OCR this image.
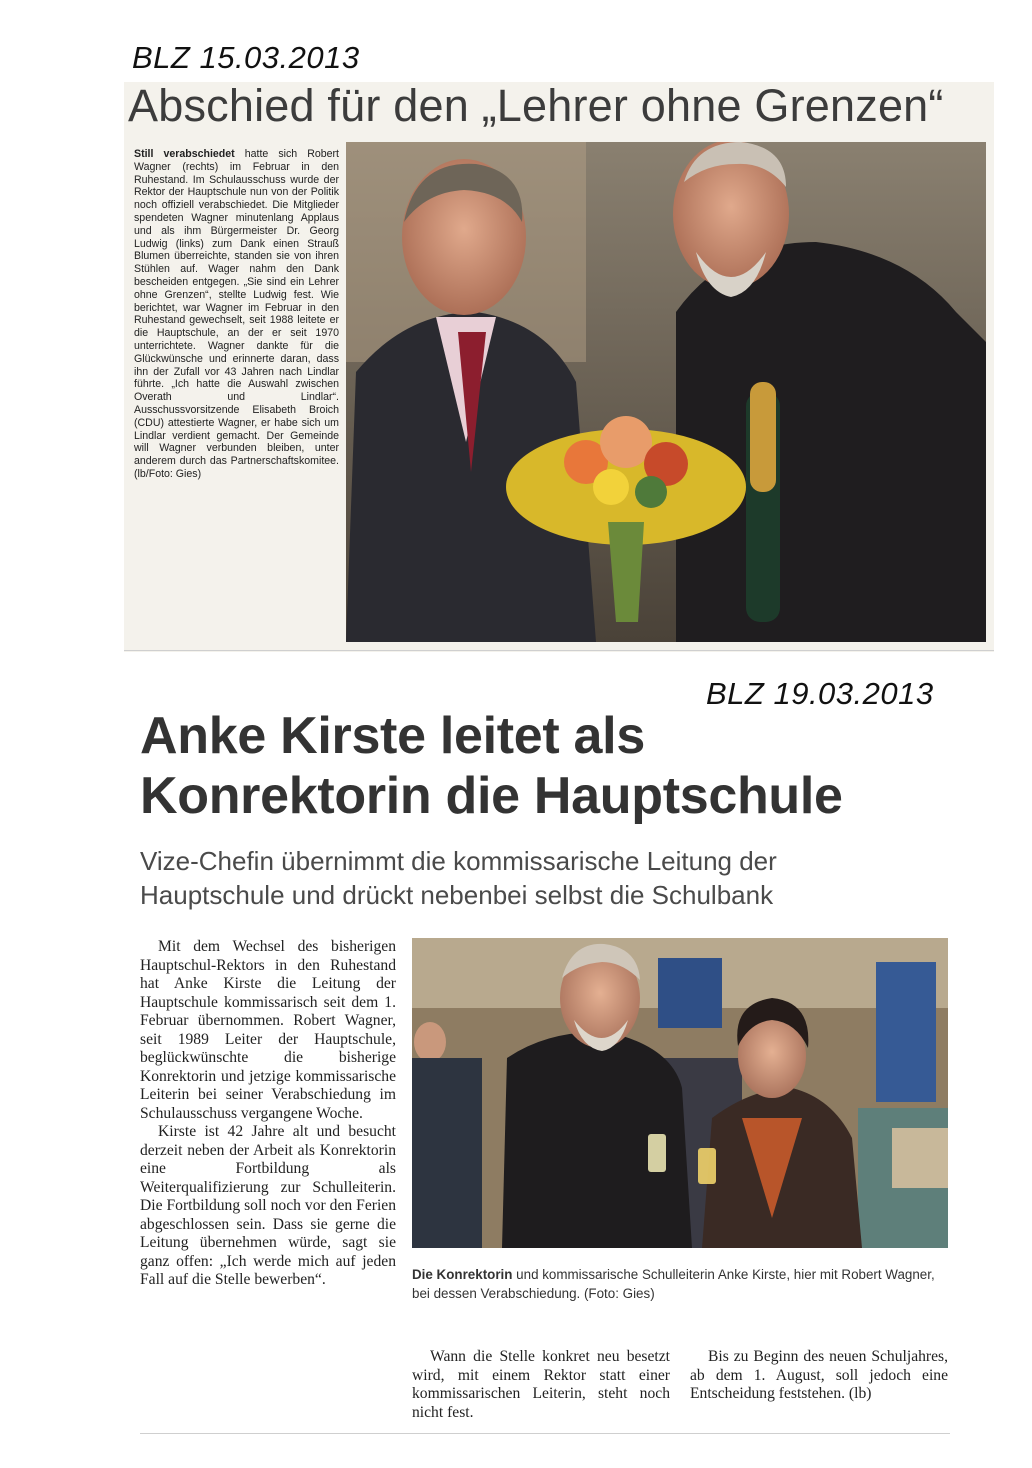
BLZ 15.03.2013
Abschied für den „Lehrer ohne Grenzen“
Still verabschiedet hatte sich Robert Wagner (rechts) im Februar in den Ruhestand. Im Schulausschuss wurde der Rektor der Hauptschule nun von der Politik noch offiziell verabschiedet. Die Mitglieder spendeten Wagner minutenlang Applaus und als ihm Bürgermeister Dr. Georg Ludwig (links) zum Dank einen Strauß Blumen überreichte, standen sie von ihren Stühlen auf. Wager nahm den Dank bescheiden entgegen. „Sie sind ein Lehrer ohne Grenzen“, stellte Ludwig fest. Wie berichtet, war Wagner im Februar in den Ruhestand gewechselt, seit 1988 leitete er die Hauptschule, an der er seit 1970 unterrichtete. Wagner dankte für die Glückwünsche und erinnerte daran, dass ihn der Zufall vor 43 Jahren nach Lindlar führte. „Ich hatte die Auswahl zwischen Overath und Lindlar“. Ausschussvorsitzende Elisabeth Broich (CDU) attestierte Wagner, er habe sich um Lindlar verdient gemacht. Der Gemeinde will Wagner verbunden bleiben, unter anderem durch das Partnerschaftskomitee. (lb/Foto: Gies)
BLZ 19.03.2013
Anke Kirste leitet als
Konrektorin die Hauptschule
Vize-Chefin übernimmt die kommissarische Leitung der
Hauptschule und drückt nebenbei selbst die Schulbank
Mit dem Wechsel des bisherigen Hauptschul-Rektors in den Ruhestand hat Anke Kirste die Leitung der Hauptschule kommissarisch seit dem 1. Februar übernommen. Robert Wagner, seit 1989 Leiter der Hauptschule, beglückwünschte die bisherige Konrektorin und jetzige kommissarische Leiterin bei seiner Verabschiedung im Schulausschuss vergangene Woche.
Kirste ist 42 Jahre alt und besucht derzeit neben der Arbeit als Konrektorin eine Fortbildung als Weiterqualifizierung zur Schulleiterin. Die Fortbildung soll noch vor den Ferien abgeschlossen sein. Dass sie gerne die Leitung übernehmen würde, sagt sie ganz offen: „Ich werde mich auf jeden Fall auf die Stelle bewerben“.	Die Konrektorin und kommissarische Schulleiterin Anke Kirste, hier mit Robert Wagner, bei dessen Verabschiedung. (Foto: Gies)
Wann die Stelle konkret neu besetzt wird, mit einem Rektor statt einer kommissarischen Leiterin, steht noch nicht fest.
Bis zu Beginn des neuen Schuljahres, ab dem 1. August, soll jedoch eine Entscheidung feststehen. (lb)
